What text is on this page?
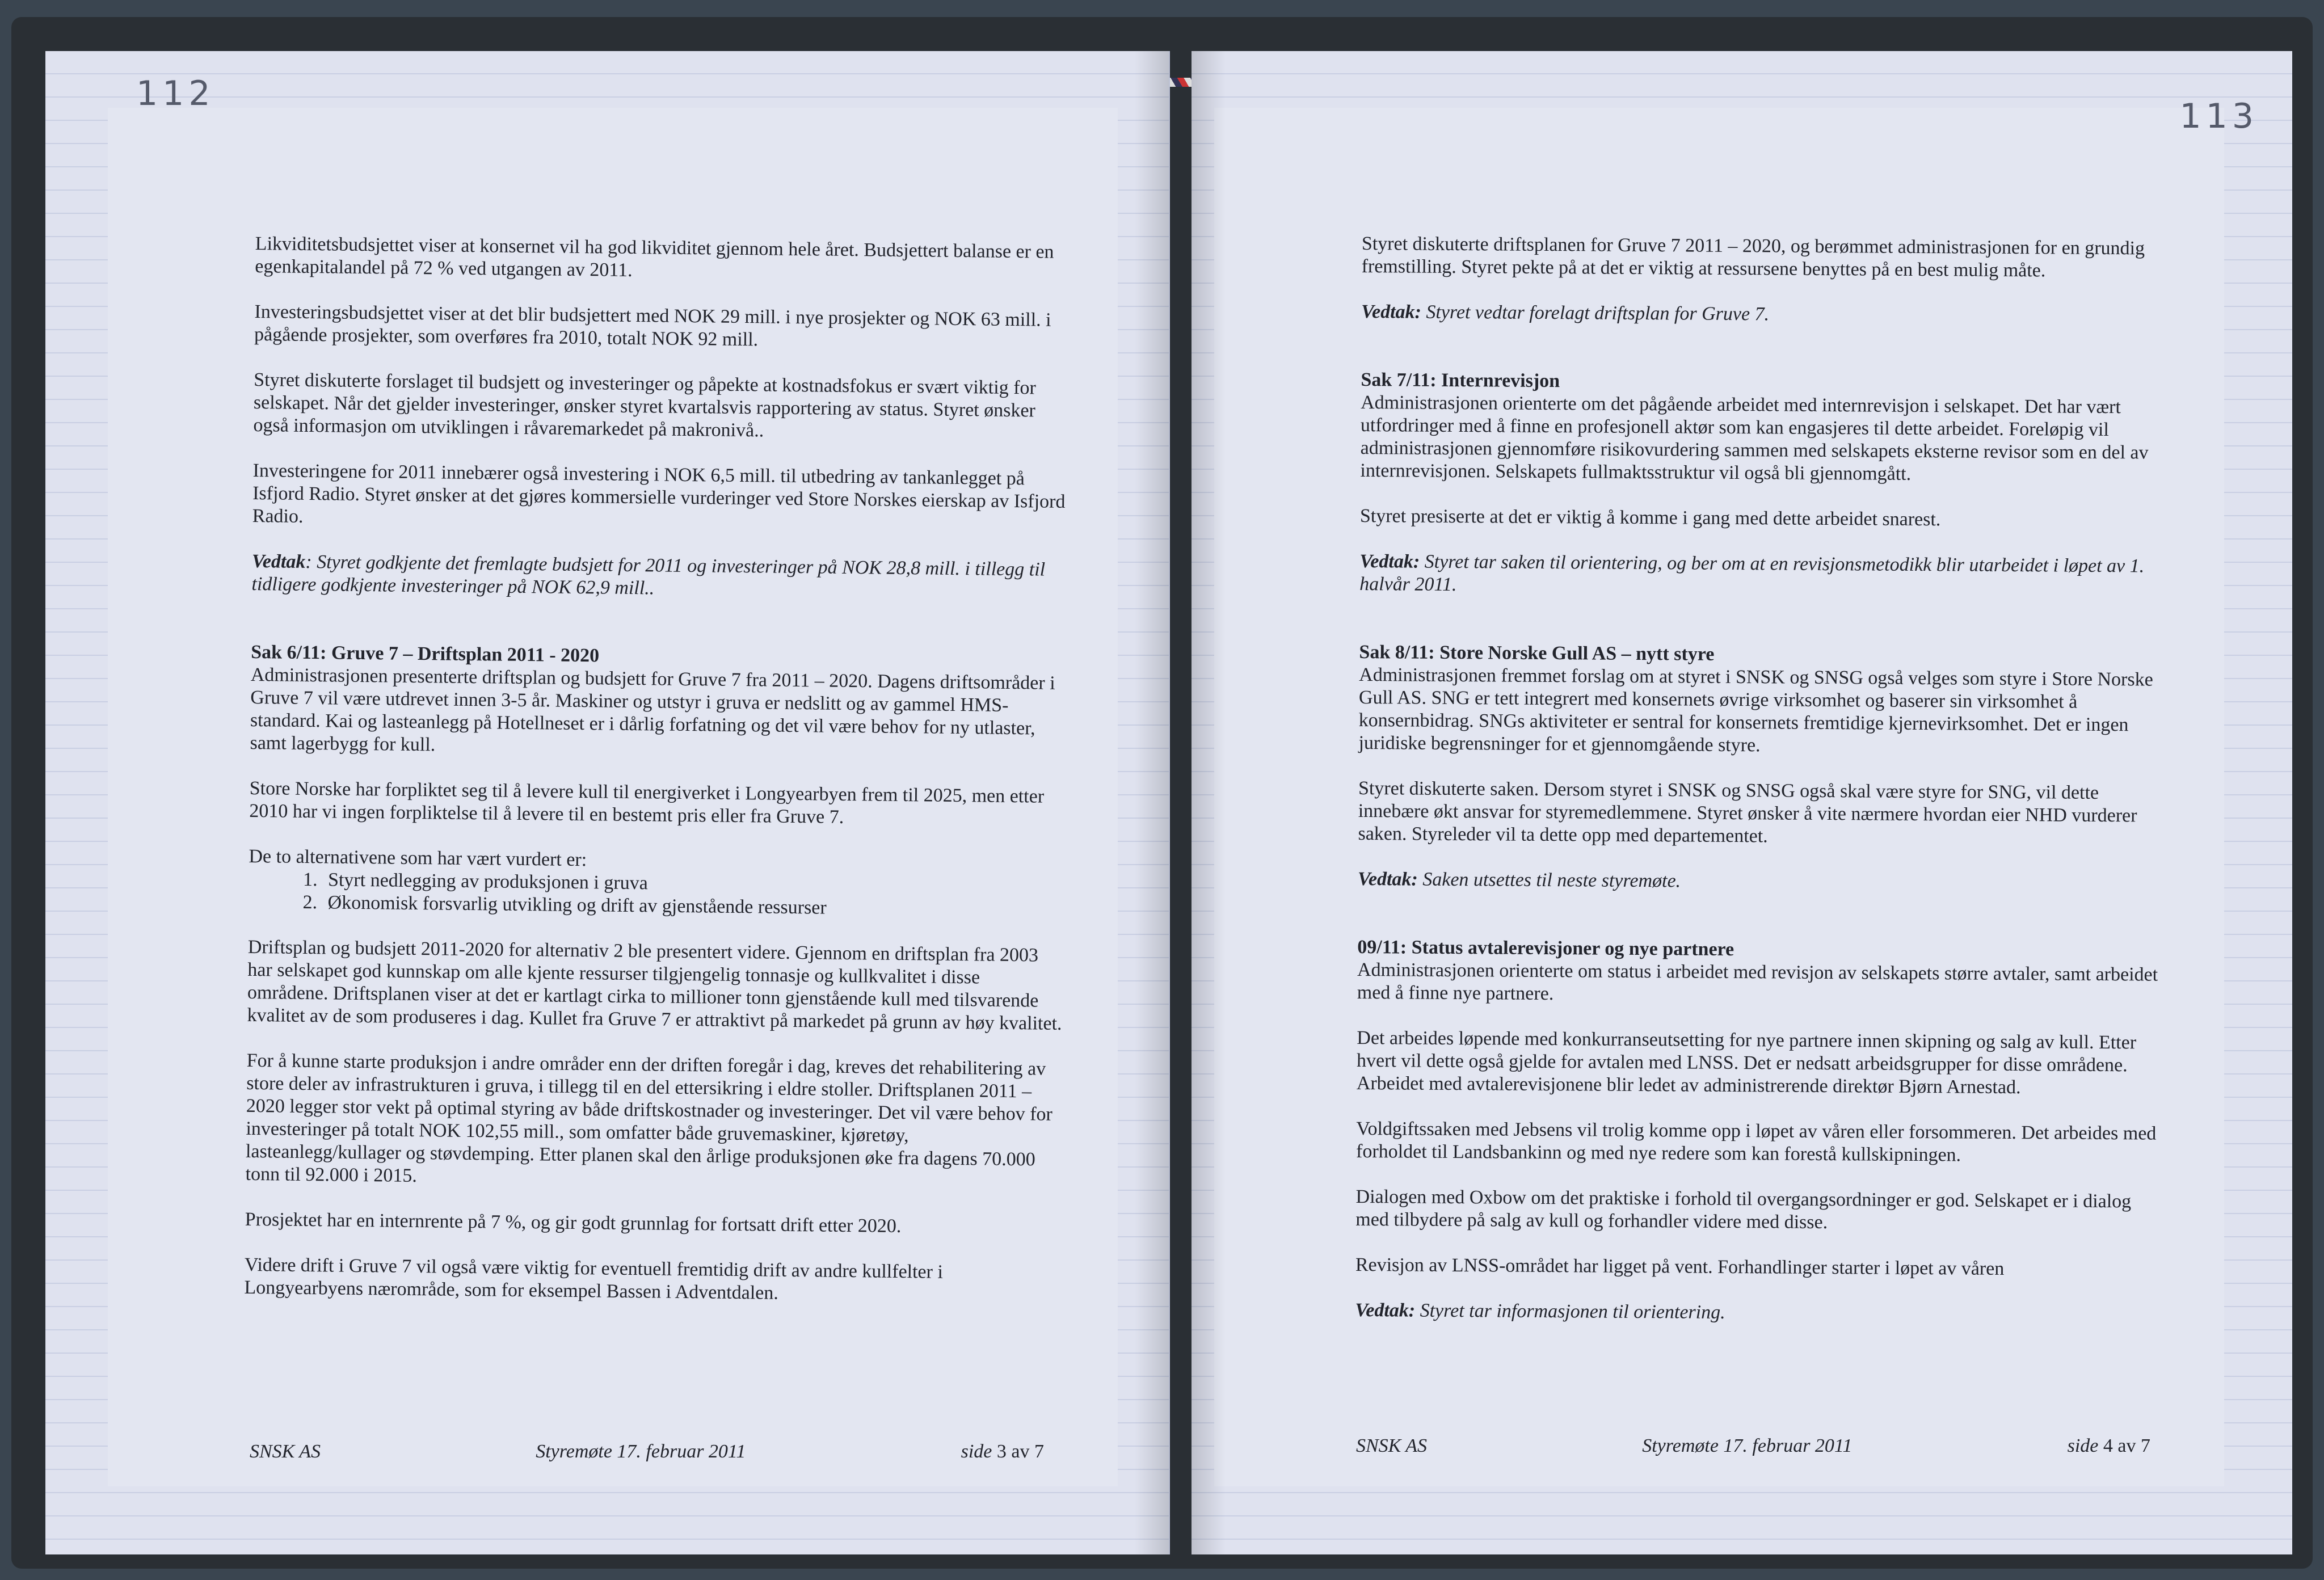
112

Likviditetsbudsjettet viser at konsernet vil ha god likviditet gjennom hele året. Budsjettert balanse er en egenkapitalandel på 72 % ved utgangen av 2011.

Investeringsbudsjettet viser at det blir budsjettert med NOK 29 mill. i nye prosjekter og NOK 63 mill. i pågående prosjekter, som overføres fra 2010, totalt NOK 92 mill.

Styret diskuterte forslaget til budsjett og investeringer og påpekte at kostnadsfokus er svært viktig for selskapet. Når det gjelder investeringer, ønsker styret kvartalsvis rapportering av status. Styret ønsker også informasjon om utviklingen i råvaremarkedet på makronivå..

Investeringene for 2011 innebærer også investering i NOK 6,5 mill. til utbedring av tankanlegget på Isfjord Radio. Styret ønsker at det gjøres kommersielle vurderinger ved Store Norskes eierskap av Isfjord Radio.

Vedtak: Styret godkjente det fremlagte budsjett for 2011 og investeringer på NOK 28,8 mill. i tillegg til tidligere godkjente investeringer på NOK 62,9 mill..

Sak 6/11: Gruve 7 – Driftsplan 2011 - 2020

Administrasjonen presenterte driftsplan og budsjett for Gruve 7 fra 2011 – 2020. Dagens driftsområder i Gruve 7 vil være utdrevet innen 3-5 år. Maskiner og utstyr i gruva er nedslitt og av gammel HMS-standard. Kai og lasteanlegg på Hotellneset er i dårlig forfatning og det vil være behov for ny utlaster, samt lagerbygg for kull.

Store Norske har forpliktet seg til å levere kull til energiverket i Longyearbyen frem til 2025, men etter 2010 har vi ingen forpliktelse til å levere til en bestemt pris eller fra Gruve 7.

De to alternativene som har vært vurdert er:

1. Styrt nedlegging av produksjonen i gruva
2. Økonomisk forsvarlig utvikling og drift av gjenstående ressurser

Driftsplan og budsjett 2011-2020 for alternativ 2 ble presentert videre. Gjennom en driftsplan fra 2003 har selskapet god kunnskap om alle kjente ressurser tilgjengelig tonnasje og kullkvalitet i disse områdene. Driftsplanen viser at det er kartlagt cirka to millioner tonn gjenstående kull med tilsvarende kvalitet av de som produseres i dag. Kullet fra Gruve 7 er attraktivt på markedet på grunn av høy kvalitet.

For å kunne starte produksjon i andre områder enn der driften foregår i dag, kreves det rehabilitering av store deler av infrastrukturen i gruva, i tillegg til en del ettersikring i eldre stoller. Driftsplanen 2011 – 2020 legger stor vekt på optimal styring av både driftskostnader og investeringer. Det vil være behov for investeringer på totalt NOK 102,55 mill., som omfatter både gruvemaskiner, kjøretøy, lasteanlegg/kullager og støvdemping. Etter planen skal den årlige produksjonen øke fra dagens 70.000 tonn til 92.000 i 2015.

Prosjektet har en internrente på 7 %, og gir godt grunnlag for fortsatt drift etter 2020.

Videre drift i Gruve 7 vil også være viktig for eventuell fremtidig drift av andre kullfelter i Longyearbyens nærområde, som for eksempel Bassen i Adventdalen.

SNSK AS	Styremøte 17. februar 2011	side 3 av 7
113

Styret diskuterte driftsplanen for Gruve 7 2011 – 2020, og berømmet administrasjonen for en grundig fremstilling. Styret pekte på at det er viktig at ressursene benyttes på en best mulig måte.

Vedtak: Styret vedtar forelagt driftsplan for Gruve 7.

Sak 7/11: Internrevisjon

Administrasjonen orienterte om det pågående arbeidet med internrevisjon i selskapet. Det har vært utfordringer med å finne en profesjonell aktør som kan engasjeres til dette arbeidet. Foreløpig vil administrasjonen gjennomføre risikovurdering sammen med selskapets eksterne revisor som en del av internrevisjonen. Selskapets fullmaktsstruktur vil også bli gjennomgått.

Styret presiserte at det er viktig å komme i gang med dette arbeidet snarest.

Vedtak: Styret tar saken til orientering, og ber om at en revisjonsmetodikk blir utarbeidet i løpet av 1. halvår 2011.

Sak 8/11: Store Norske Gull AS – nytt styre

Administrasjonen fremmet forslag om at styret i SNSK og SNSG også velges som styre i Store Norske Gull AS. SNG er tett integrert med konsernets øvrige virksomhet og baserer sin virksomhet å konsernbidrag. SNGs aktiviteter er sentral for konsernets fremtidige kjernevirksomhet. Det er ingen juridiske begrensninger for et gjennomgående styre.

Styret diskuterte saken. Dersom styret i SNSK og SNSG også skal være styre for SNG, vil dette innebære økt ansvar for styremedlemmene. Styret ønsker å vite nærmere hvordan eier NHD vurderer saken. Styreleder vil ta dette opp med departementet.

Vedtak: Saken utsettes til neste styremøte.

09/11: Status avtalerevisjoner og nye partnere

Administrasjonen orienterte om status i arbeidet med revisjon av selskapets større avtaler, samt arbeidet med å finne nye partnere.

Det arbeides løpende med konkurranseutsetting for nye partnere innen skipning og salg av kull. Etter hvert vil dette også gjelde for avtalen med LNSS. Det er nedsatt arbeidsgrupper for disse områdene. Arbeidet med avtalerevisjonene blir ledet av administrerende direktør Bjørn Arnestad.

Voldgiftssaken med Jebsens vil trolig komme opp i løpet av våren eller forsommeren. Det arbeides med forholdet til Landsbankinn og med nye redere som kan forestå kullskipningen.

Dialogen med Oxbow om det praktiske i forhold til overgangsordninger er god. Selskapet er i dialog med tilbydere på salg av kull og forhandler videre med disse.

Revisjon av LNSS-området har ligget på vent. Forhandlinger starter i løpet av våren

Vedtak: Styret tar informasjonen til orientering.

SNSK AS	Styremøte 17. februar 2011	side 4 av 7
